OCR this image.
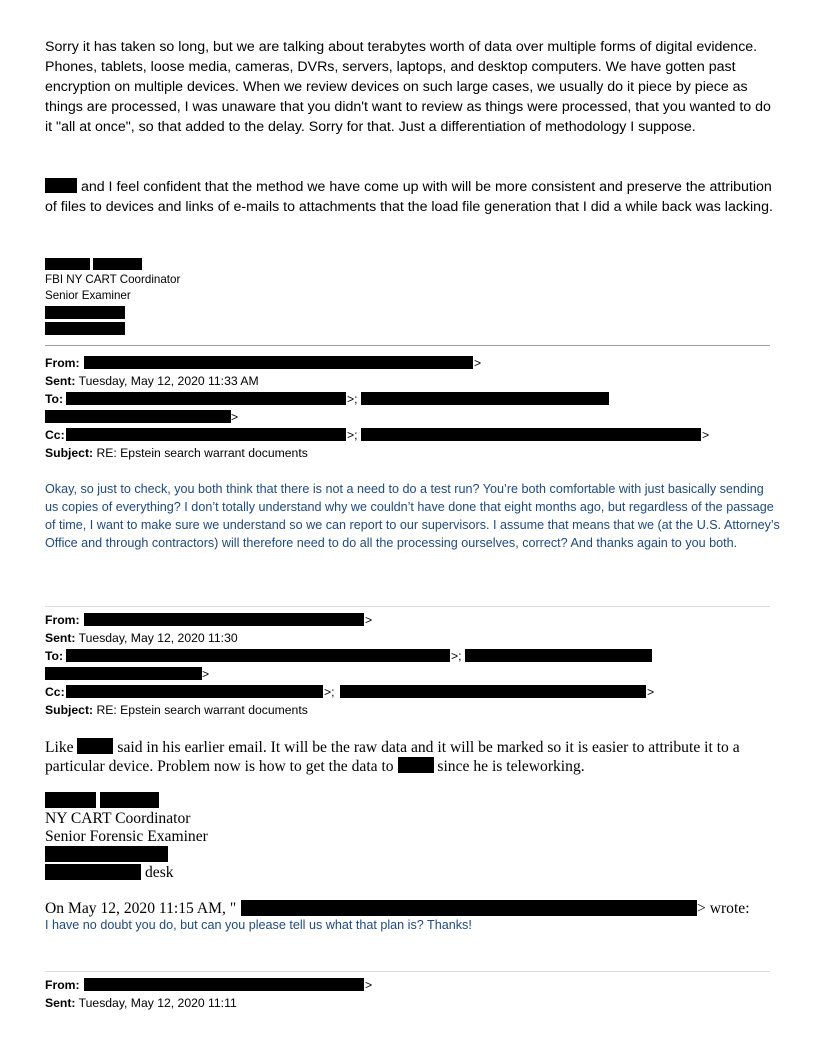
Sorry it has taken so long, but we are talking about terabytes worth of data over multiple forms of digital evidence. Phones, tablets, loose media, cameras, DVRs, servers, laptops, and desktop computers. We have gotten past encryption on multiple devices. When we review devices on such large cases, we usually do it piece by piece as things are processed, I was unaware that you didn't want to review as things were processed, that you wanted to do it "all at once", so that added to the delay. Sorry for that. Just a differentiation of methodology I suppose.
and I feel confident that the method we have come up with will be more consistent and preserve the attribution of files to devices and links of e-mails to attachments that the load file generation that I did a while back was lacking.
FBI NY CART Coordinator
Senior Examiner
From:	>
Sent: Tuesday, May 12, 2020 11:33 AM
To:	>;
>
Cc:	>;	>
Subject: RE: Epstein search warrant documents
Okay, so just to check, you both think that there is not a need to do a test run? You’re both comfortable with just basically sending us copies of everything? I don’t totally understand why we couldn’t have done that eight months ago, but regardless of the passage of time, I want to make sure we understand so we can report to our supervisors. I assume that means that we (at the U.S. Attorney’s Office and through contractors) will therefore need to do all the processing ourselves, correct? And thanks again to you both.
From:	>
Sent: Tuesday, May 12, 2020 11:30
To:	>;
>
Cc:	>;	>
Subject: RE: Epstein search warrant documents
Like  said in his earlier email. It will be the raw data and it will be marked so it is easier to attribute it to a
particular device. Problem now is how to get the data to  since he is teleworking.
NY CART Coordinator
Senior Forensic Examiner
desk
On May 12, 2020 11:15 AM, "	> wrote:
I have no doubt you do, but can you please tell us what that plan is? Thanks!
From:	>
Sent: Tuesday, May 12, 2020 11:11
